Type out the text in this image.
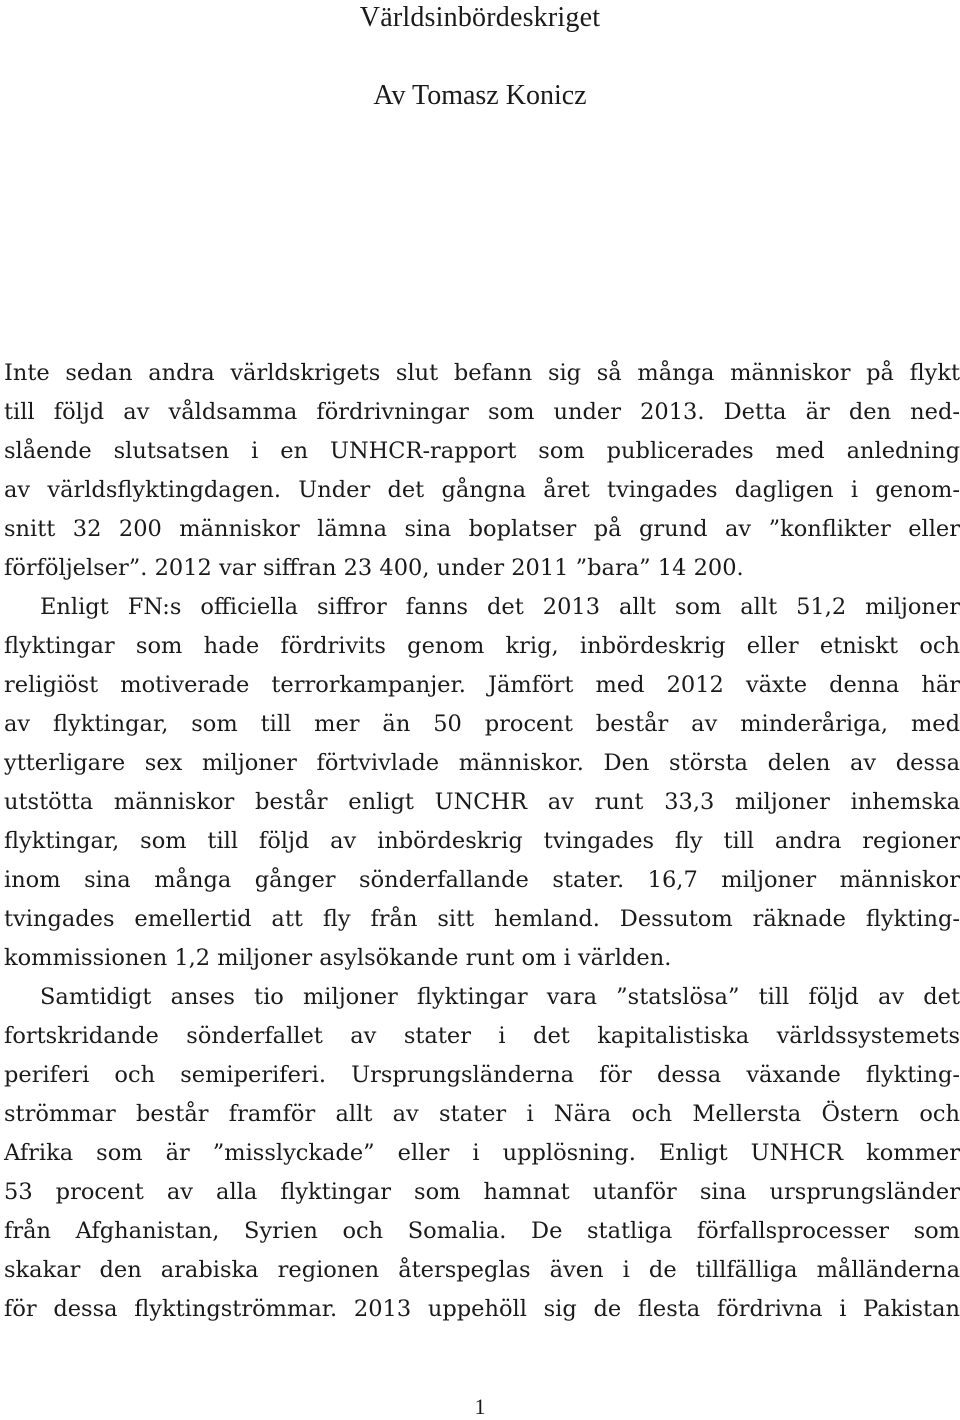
Världsinbördeskriget
Av Tomasz Konicz
Inte sedan andra världskrigets slut befann sig så många människor på flykt
till följd av våldsamma fördrivningar som under 2013. Detta är den ned-
slående slutsatsen i en UNHCR-rapport som publicerades med anledning
av världsflyktingdagen. Under det gångna året tvingades dagligen i genom-
snitt 32 200 människor lämna sina boplatser på grund av ”konflikter eller
förföljelser”. 2012 var siffran 23 400, under 2011 ”bara” 14 200.
Enligt FN:s officiella siffror fanns det 2013 allt som allt 51,2 miljoner
flyktingar som hade fördrivits genom krig, inbördeskrig eller etniskt och
religiöst motiverade terrorkampanjer. Jämfört med 2012 växte denna här
av flyktingar, som till mer än 50 procent består av minderåriga, med
ytterligare sex miljoner förtvivlade människor. Den största delen av dessa
utstötta människor består enligt UNCHR av runt 33,3 miljoner inhemska
flyktingar, som till följd av inbördeskrig tvingades fly till andra regioner
inom sina många gånger sönderfallande stater. 16,7 miljoner människor
tvingades emellertid att fly från sitt hemland. Dessutom räknade flykting-
kommissionen 1,2 miljoner asylsökande runt om i världen.
Samtidigt anses tio miljoner flyktingar vara ”statslösa” till följd av det
fortskridande sönderfallet av stater i det kapitalistiska världssystemets
periferi och semiperiferi. Ursprungsländerna för dessa växande flykting-
strömmar består framför allt av stater i Nära och Mellersta Östern och
Afrika som är ”misslyckade” eller i upplösning. Enligt UNHCR kommer
53 procent av alla flyktingar som hamnat utanför sina ursprungsländer
från Afghanistan, Syrien och Somalia. De statliga förfallsprocesser som
skakar den arabiska regionen återspeglas även i de tillfälliga målländerna
för dessa flyktingströmmar. 2013 uppehöll sig de flesta fördrivna i Pakistan
1
